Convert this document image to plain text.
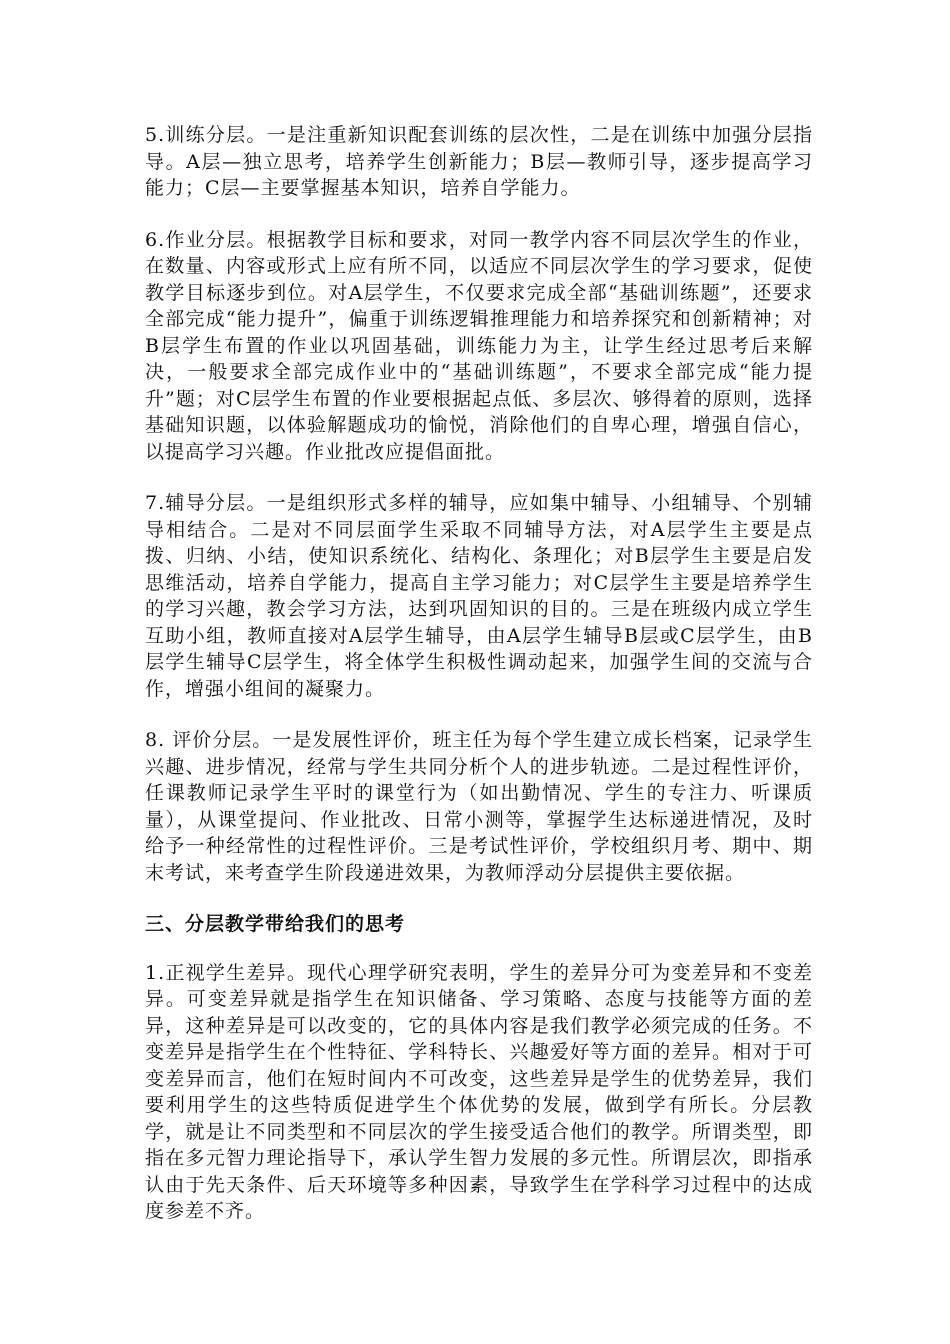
5.训练分层。一是注重新知识配套训练的层次性，二是在训练中加强分层指导。A层—独立思考，培养学生创新能力；B层—教师引导，逐步提高学习能力；C层—主要掌握基本知识，培养自学能力。

6.作业分层。根据教学目标和要求，对同一教学内容不同层次学生的作业，在数量、内容或形式上应有所不同，以适应不同层次学生的学习要求，促使教学目标逐步到位。对A层学生，不仅要求完成全部“基础训练题”，还要求全部完成“能力提升”，偏重于训练逻辑推理能力和培养探究和创新精神；对B层学生布置的作业以巩固基础，训练能力为主，让学生经过思考后来解决，一般要求全部完成作业中的“基础训练题”，不要求全部完成“能力提升”题；对C层学生布置的作业要根据起点低、多层次、够得着的原则，选择基础知识题，以体验解题成功的愉悦，消除他们的自卑心理，增强自信心，以提高学习兴趣。作业批改应提倡面批。

7.辅导分层。一是组织形式多样的辅导，应如集中辅导、小组辅导、个别辅导相结合。二是对不同层面学生采取不同辅导方法，对A层学生主要是点拨、归纳、小结，使知识系统化、结构化、条理化；对B层学生主要是启发思维活动，培养自学能力，提高自主学习能力；对C层学生主要是培养学生的学习兴趣，教会学习方法，达到巩固知识的目的。三是在班级内成立学生互助小组，教师直接对A层学生辅导，由A层学生辅导B层或C层学生，由B层学生辅导C层学生，将全体学生积极性调动起来，加强学生间的交流与合作，增强小组间的凝聚力。

8. 评价分层。一是发展性评价，班主任为每个学生建立成长档案，记录学生兴趣、进步情况，经常与学生共同分析个人的进步轨迹。二是过程性评价，任课教师记录学生平时的课堂行为（如出勤情况、学生的专注力、听课质量），从课堂提问、作业批改、日常小测等，掌握学生达标递进情况，及时给予一种经常性的过程性评价。三是考试性评价，学校组织月考、期中、期末考试，来考查学生阶段递进效果，为教师浮动分层提供主要依据。

三、分层教学带给我们的思考

1.正视学生差异。现代心理学研究表明，学生的差异分可为变差异和不变差异。可变差异就是指学生在知识储备、学习策略、态度与技能等方面的差异，这种差异是可以改变的，它的具体内容是我们教学必须完成的任务。不变差异是指学生在个性特征、学科特长、兴趣爱好等方面的差异。相对于可变差异而言，他们在短时间内不可改变，这些差异是学生的优势差异，我们要利用学生的这些特质促进学生个体优势的发展，做到学有所长。分层教学，就是让不同类型和不同层次的学生接受适合他们的教学。所谓类型，即指在多元智力理论指导下，承认学生智力发展的多元性。所谓层次，即指承认由于先天条件、后天环境等多种因素，导致学生在学科学习过程中的达成度参差不齐。
